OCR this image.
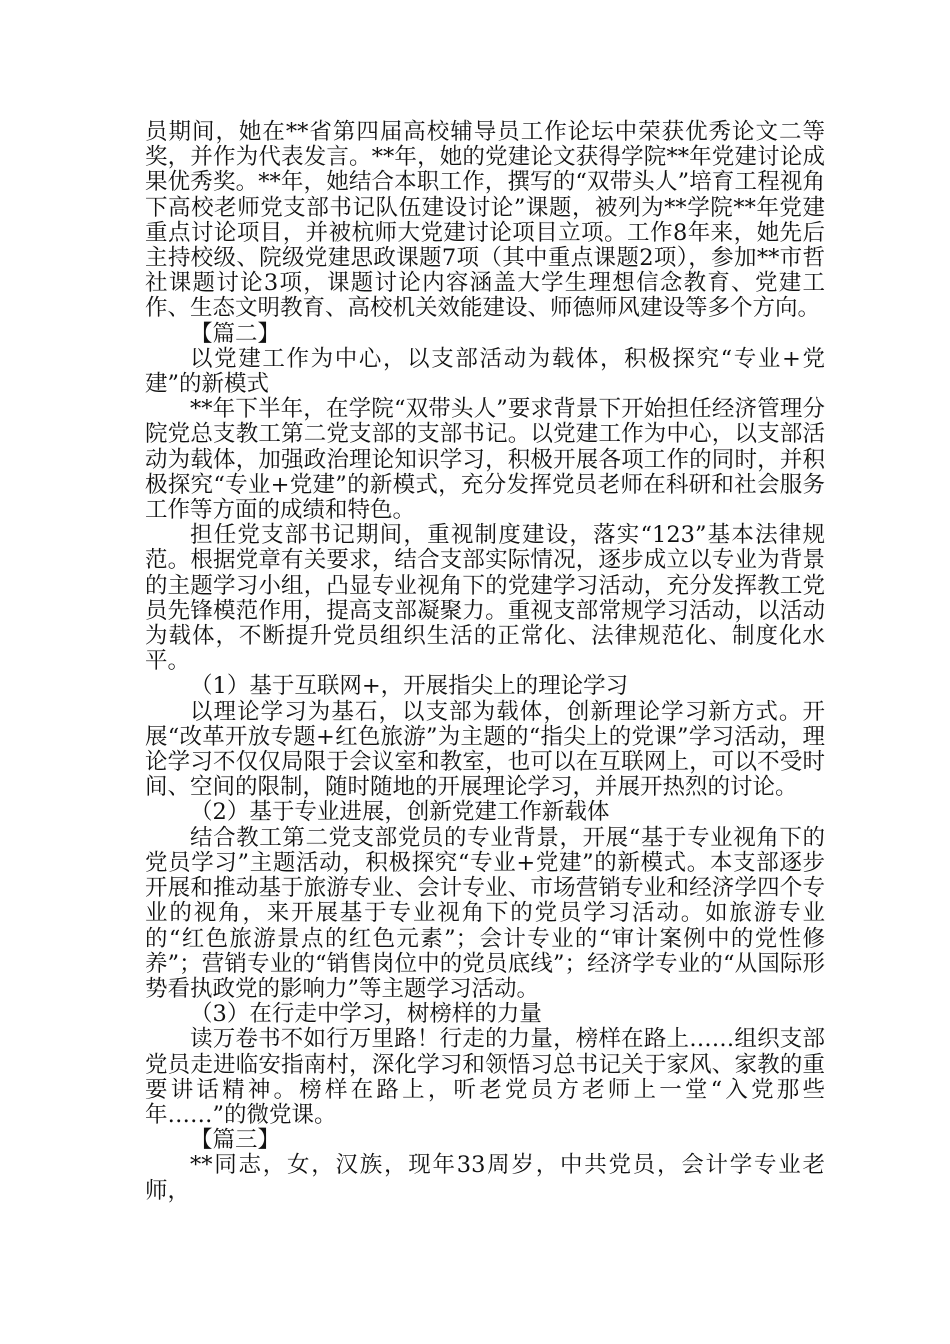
员期间，她在**省第四届高校辅导员工作论坛中荣获优秀论文二等奖，并作为代表发言。**年，她的党建论文获得学院**年党建讨论成果优秀奖。**年，她结合本职工作，撰写的“双带头人”培育工程视角下高校老师党支部书记队伍建设讨论”课题，被列为**学院**年党建重点讨论项目，并被杭师大党建讨论项目立项。工作8年来，她先后主持校级、院级党建思政课题7项（其中重点课题2项），参加**市哲社课题讨论3项，课题讨论内容涵盖大学生理想信念教育、党建工作、生态文明教育、高校机关效能建设、师德师风建设等多个方向。

【篇二】

以党建工作为中心，以支部活动为载体，积极探究“专业+党建”的新模式

**年下半年，在学院“双带头人”要求背景下开始担任经济管理分院党总支教工第二党支部的支部书记。以党建工作为中心，以支部活动为载体，加强政治理论知识学习，积极开展各项工作的同时，并积极探究“专业+党建”的新模式，充分发挥党员老师在科研和社会服务工作等方面的成绩和特色。

担任党支部书记期间，重视制度建设，落实“123”基本法律规范。根据党章有关要求，结合支部实际情况，逐步成立以专业为背景的主题学习小组，凸显专业视角下的党建学习活动，充分发挥教工党员先锋模范作用，提高支部凝聚力。重视支部常规学习活动，以活动为载体，不断提升党员组织生活的正常化、法律规范化、制度化水平。

（1）基于互联网+，开展指尖上的理论学习

以理论学习为基石，以支部为载体，创新理论学习新方式。开展“改革开放专题+红色旅游”为主题的“指尖上的党课”学习活动，理论学习不仅仅局限于会议室和教室，也可以在互联网上，可以不受时间、空间的限制，随时随地的开展理论学习，并展开热烈的讨论。

（2）基于专业进展，创新党建工作新载体

结合教工第二党支部党员的专业背景，开展“基于专业视角下的党员学习”主题活动，积极探究“专业+党建”的新模式。本支部逐步开展和推动基于旅游专业、会计专业、市场营销专业和经济学四个专业的视角，来开展基于专业视角下的党员学习活动。如旅游专业的“红色旅游景点的红色元素”；会计专业的“审计案例中的党性修养”；营销专业的“销售岗位中的党员底线”；经济学专业的“从国际形势看执政党的影响力”等主题学习活动。

（3）在行走中学习，树榜样的力量

读万卷书不如行万里路！行走的力量，榜样在路上……组织支部党员走进临安指南村，深化学习和领悟习总书记关于家风、家教的重要讲话精神。榜样在路上，听老党员方老师上一堂“入党那些年……”的微党课。

【篇三】

**同志，女，汉族，现年33周岁，中共党员，会计学专业老师，
